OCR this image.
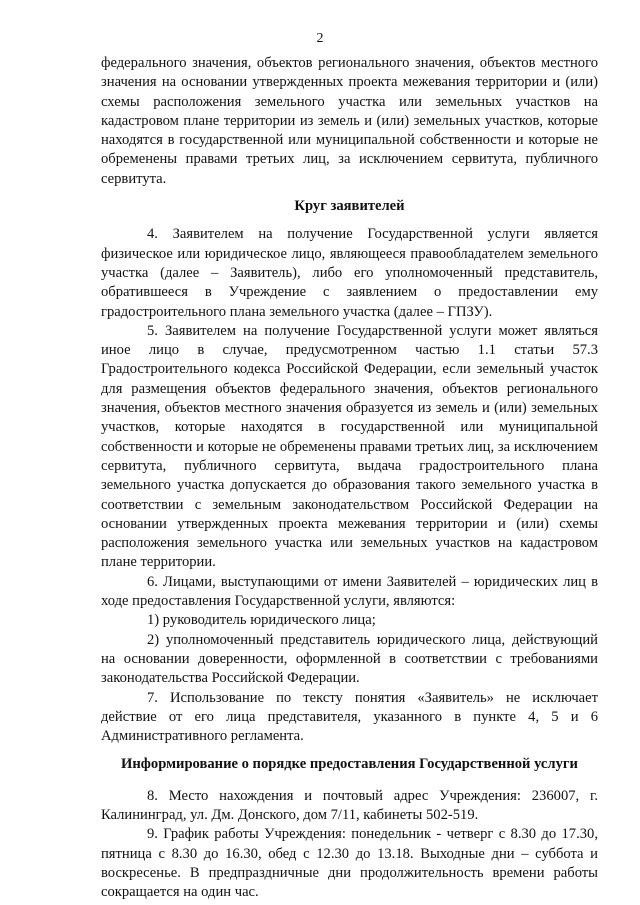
2

федерального значения, объектов регионального значения, объектов местного значения на основании утвержденных проекта межевания территории и (или) схемы расположения земельного участка или земельных участков на кадастровом плане территории из земель и (или) земельных участков, которые находятся в государственной или муниципальной собственности и которые не обременены правами третьих лиц, за исключением сервитута, публичного сервитута.

Круг заявителей

4. Заявителем на получение Государственной услуги является физическое или юридическое лицо, являющееся правообладателем земельного участка (далее – Заявитель), либо его уполномоченный представитель, обратившееся в Учреждение с заявлением о предоставлении ему градостроительного плана земельного участка (далее – ГПЗУ).

5. Заявителем на получение Государственной услуги может являться иное лицо в случае, предусмотренном частью 1.1 статьи 57.3 Градостроительного кодекса Российской Федерации, если земельный участок для размещения объектов федерального значения, объектов регионального значения, объектов местного значения образуется из земель и (или) земельных участков, которые находятся в государственной или муниципальной собственности и которые не обременены правами третьих лиц, за исключением сервитута, публичного сервитута, выдача градостроительного плана земельного участка допускается до образования такого земельного участка в соответствии с земельным законодательством Российской Федерации на основании утвержденных проекта межевания территории и (или) схемы расположения земельного участка или земельных участков на кадастровом плане территории.

6. Лицами, выступающими от имени Заявителей – юридических лиц в ходе предоставления Государственной услуги, являются:

1) руководитель юридического лица;

2) уполномоченный представитель юридического лица, действующий на основании доверенности, оформленной в соответствии с требованиями законодательства Российской Федерации.

7. Использование по тексту понятия «Заявитель» не исключает действие от его лица представителя, указанного в пункте 4, 5 и 6 Административного регламента.

Информирование о порядке предоставления Государственной услуги

8. Место нахождения и почтовый адрес Учреждения: 236007, г. Калининград, ул. Дм. Донского, дом 7/11, кабинеты 502-519.

9. График работы Учреждения: понедельник - четверг с 8.30 до 17.30, пятница с 8.30 до 16.30, обед с 12.30 до 13.18. Выходные дни – суббота и воскресенье. В предпраздничные дни продолжительность времени работы сокращается на один час.
